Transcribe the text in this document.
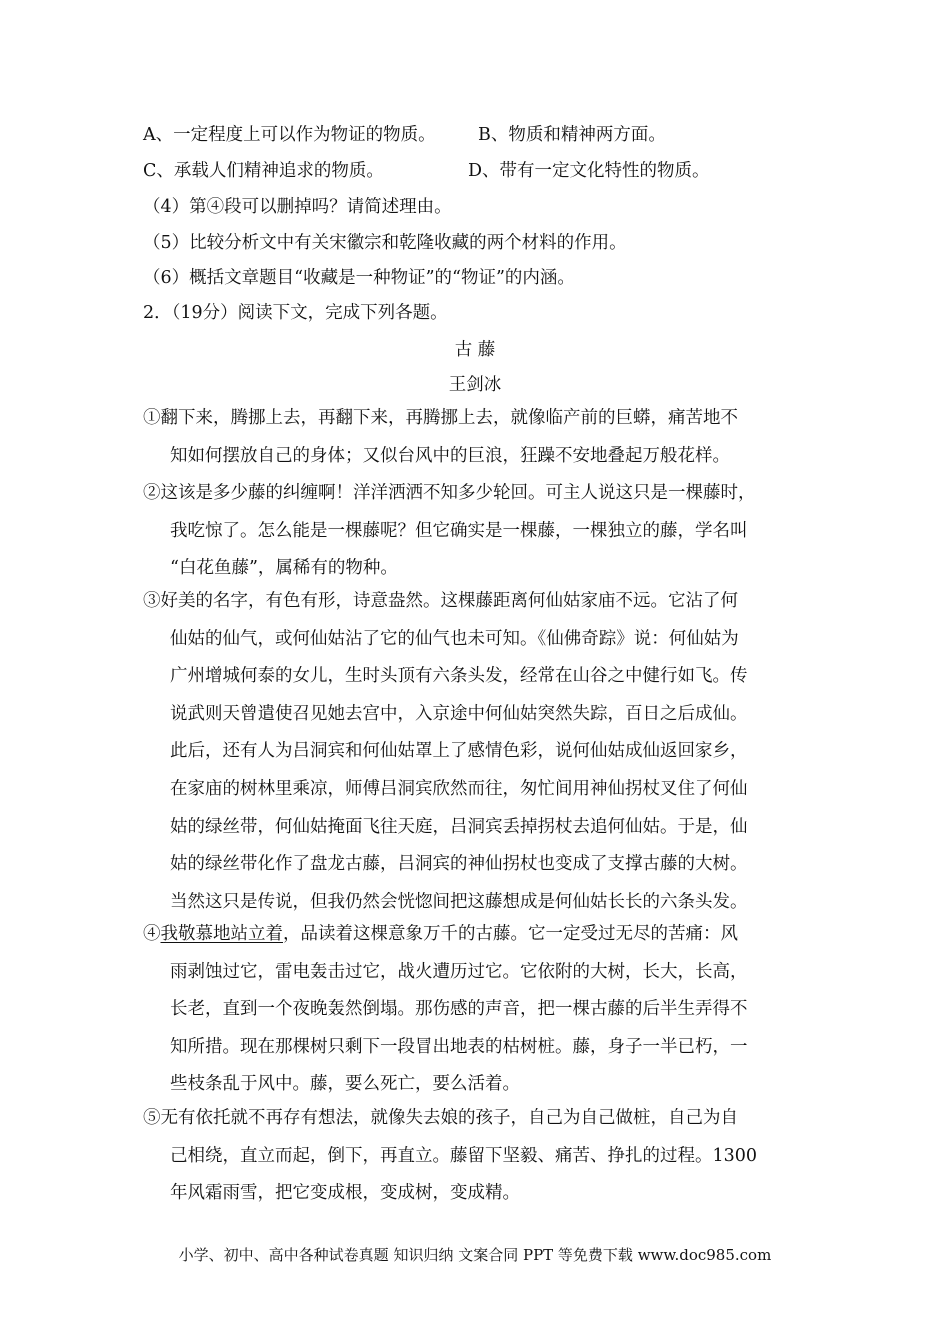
A、一定程度上可以作为物证的物质。 B、物质和精神两方面。
C、承载人们精神追求的物质。	D、带有一定文化特性的物质。
（4）第④段可以删掉吗？请简述理由。
（5）比较分析文中有关宋徽宗和乾隆收藏的两个材料的作用。
（6）概括文章题目“收藏是一种物证”的“物证”的内涵。
2．（19分）阅读下文，完成下列各题。
古 藤
王剑冰
①翻下来，腾挪上去，再翻下来，再腾挪上去，就像临产前的巨蟒，痛苦地不
知如何摆放自己的身体；又似台风中的巨浪，狂躁不安地叠起万般花样。
②这该是多少藤的纠缠啊！洋洋洒洒不知多少轮回。可主人说这只是一棵藤时，
我吃惊了。怎么能是一棵藤呢？但它确实是一棵藤，一棵独立的藤，学名叫
“白花鱼藤”，属稀有的物种。
③好美的名字，有色有形，诗意盎然。这棵藤距离何仙姑家庙不远。它沾了何
仙姑的仙气，或何仙姑沾了它的仙气也未可知。《仙佛奇踪》说：何仙姑为
广州增城何泰的女儿，生时头顶有六条头发，经常在山谷之中健行如飞。传
说武则天曾遣使召见她去宫中，入京途中何仙姑突然失踪，百日之后成仙。
此后，还有人为吕洞宾和何仙姑罩上了感情色彩，说何仙姑成仙返回家乡，
在家庙的树林里乘凉，师傅吕洞宾欣然而往，匆忙间用神仙拐杖叉住了何仙
姑的绿丝带，何仙姑掩面飞往天庭，吕洞宾丢掉拐杖去追何仙姑。于是，仙
姑的绿丝带化作了盘龙古藤，吕洞宾的神仙拐杖也变成了支撑古藤的大树。
当然这只是传说，但我仍然会恍惚间把这藤想成是何仙姑长长的六条头发。
④我敬慕地站立着，品读着这棵意象万千的古藤。它一定受过无尽的苦痛：风
雨剥蚀过它，雷电轰击过它，战火遭历过它。它依附的大树，长大，长高，
长老，直到一个夜晚轰然倒塌。那伤感的声音，把一棵古藤的后半生弄得不
知所措。现在那棵树只剩下一段冒出地表的枯树桩。藤，身子一半已朽，一
些枝条乱于风中。藤，要么死亡，要么活着。
⑤无有依托就不再存有想法，就像失去娘的孩子，自己为自己做桩，自己为自
己相绕，直立而起，倒下，再直立。藤留下坚毅、痛苦、挣扎的过程。1300
年风霜雨雪，把它变成根，变成树，变成精。
小学、初中、高中各种试卷真题 知识归纳 文案合同 PPT 等免费下载 www.doc985.com
